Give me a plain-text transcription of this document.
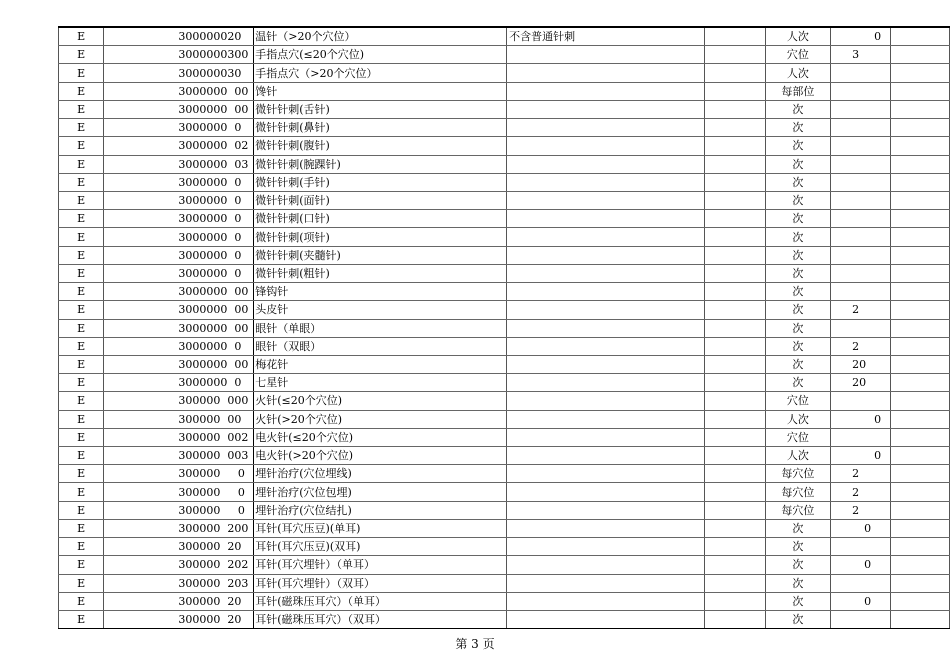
E	300000020	温针（>20个穴位）	不含普通针刺		人次	0	
E	3000000300	手指点穴(≤20个穴位)			穴位	3	
E	300000030	手指点穴（>20个穴位）			人次		
E	3000000  00	馋针			每部位		
E	3000000  00	微针针刺(舌针)			次		
E	3000000  0	微针针刺(鼻针)			次		
E	3000000  02	微针针刺(腹针)			次		
E	3000000  03	微针针刺(腕踝针)			次		
E	3000000  0	微针针刺(手针)			次		
E	3000000  0	微针针刺(面针)			次		
E	3000000  0	微针针刺(口针)			次		
E	3000000  0	微针针刺(项针)			次		
E	3000000  0	微针针刺(夹髓针)			次		
E	3000000  0	微针针刺(粗针)			次		
E	3000000  00	锋钩针			次		
E	3000000  00	头皮针			次	2	
E	3000000  00	眼针（单眼）			次		
E	3000000  0	眼针（双眼）			次	2	
E	3000000  00	梅花针			次	20	
E	3000000  0	七星针			次	20	
E	300000  000	火针(≤20个穴位)			穴位		
E	300000  00	火针(>20个穴位)			人次	0	
E	300000  002	电火针(≤20个穴位)			穴位		
E	300000  003	电火针(>20个穴位)			人次	0	
E	300000     0	埋针治疗(穴位埋线)			每穴位	2	
E	300000     0	埋针治疗(穴位包埋)			每穴位	2	
E	300000     0	埋针治疗(穴位结扎)			每穴位	2	
E	300000  200	耳针(耳穴压豆)(单耳)			次	0	
E	300000  20	耳针(耳穴压豆)(双耳)			次		
E	300000  202	耳针(耳穴埋针）（单耳）			次	0	
E	300000  203	耳针(耳穴埋针）（双耳）			次		
E	300000  20	耳针(磁珠压耳穴）（单耳）			次	0	
E	300000  20	耳针(磁珠压耳穴）（双耳）			次		
第 3 页
